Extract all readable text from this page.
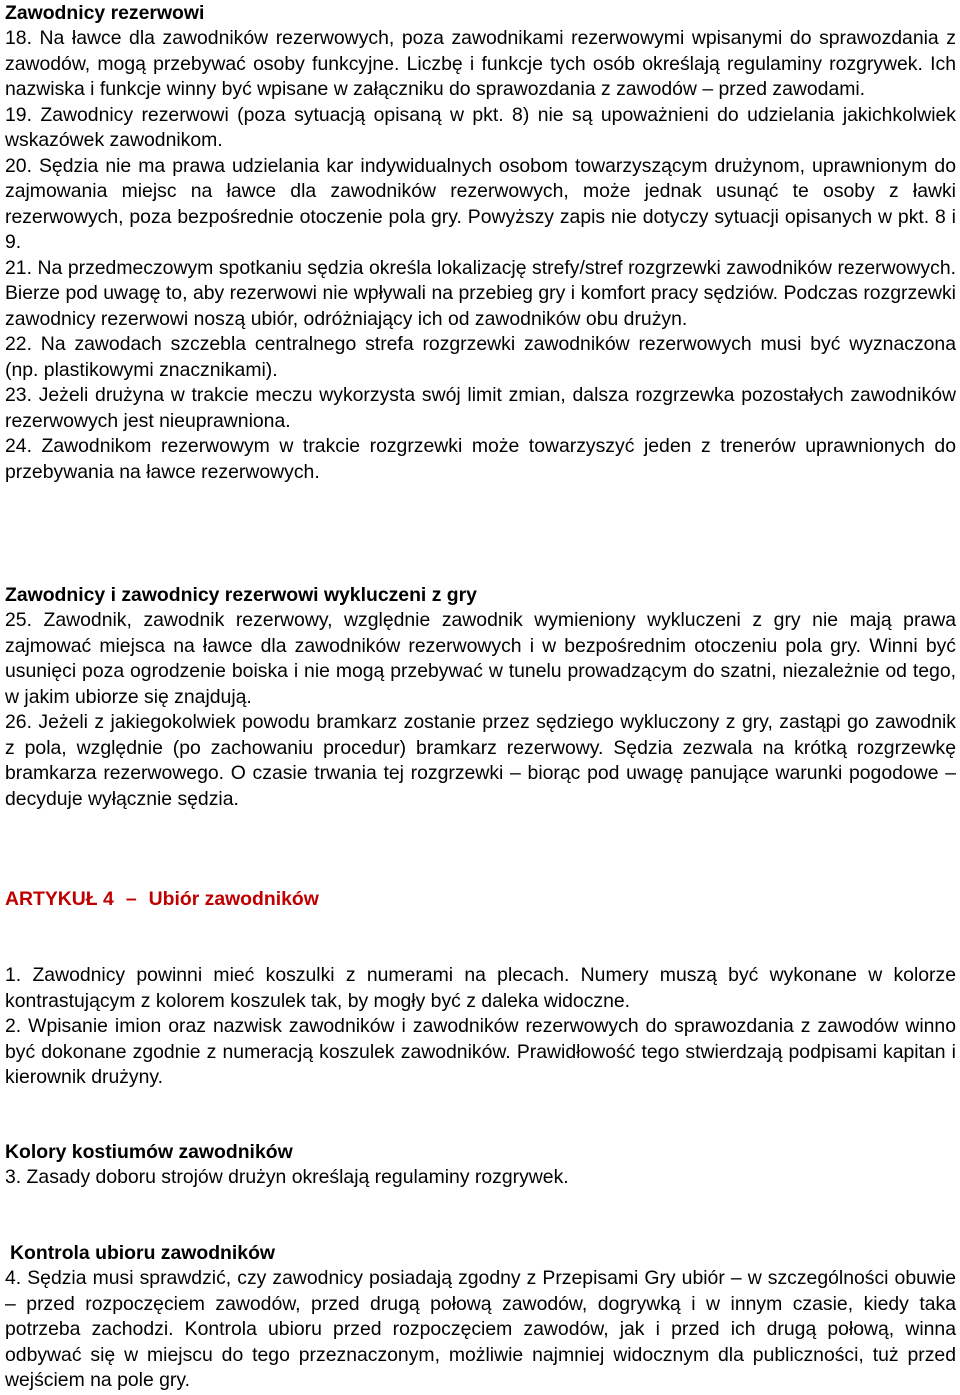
Zawodnicy rezerwowi

18. Na ławce dla zawodników rezerwowych, poza zawodnikami rezerwowymi wpisanymi do sprawozdania z zawodów, mogą przebywać osoby funkcyjne. Liczbę i funkcje tych osób określają regulaminy rozgrywek. Ich nazwiska i funkcje winny być wpisane w załączniku do sprawozdania z zawodów – przed zawodami.

19. Zawodnicy rezerwowi (poza sytuacją opisaną w pkt. 8) nie są upoważnieni do udzielania jakichkolwiek wskazówek zawodnikom.

20. Sędzia nie ma prawa udzielania kar indywidualnych osobom towarzyszącym drużynom, uprawnionym do zajmowania miejsc na ławce dla zawodników rezerwowych, może jednak usunąć te osoby z ławki rezerwowych, poza bezpośrednie otoczenie pola gry. Powyższy zapis nie dotyczy sytuacji opisanych w pkt. 8 i 9.

21. Na przedmeczowym spotkaniu sędzia określa lokalizację strefy/stref rozgrzewki zawodników rezerwowych. Bierze pod uwagę to, aby rezerwowi nie wpływali na przebieg gry i komfort pracy sędziów. Podczas rozgrzewki zawodnicy rezerwowi noszą ubiór, odróżniający ich od zawodników obu drużyn.

22. Na zawodach szczebla centralnego strefa rozgrzewki zawodników rezerwowych musi być wyznaczona (np. plastikowymi znacznikami).

23. Jeżeli drużyna w trakcie meczu wykorzysta swój limit zmian, dalsza rozgrzewka pozostałych zawodników rezerwowych jest nieuprawniona.

24. Zawodnikom rezerwowym w trakcie rozgrzewki może towarzyszyć jeden z trenerów uprawnionych do przebywania na ławce rezerwowych.

Zawodnicy i zawodnicy rezerwowi wykluczeni z gry

25. Zawodnik, zawodnik rezerwowy, względnie zawodnik wymieniony wykluczeni z gry nie mają prawa zajmować miejsca na ławce dla zawodników rezerwowych i w bezpośrednim otoczeniu pola gry. Winni być usunięci poza ogrodzenie boiska i nie mogą przebywać w tunelu prowadzącym do szatni, niezależnie od tego, w jakim ubiorze się znajdują.

26. Jeżeli z jakiegokolwiek powodu bramkarz zostanie przez sędziego wykluczony z gry, zastąpi go zawodnik z pola, względnie (po zachowaniu procedur) bramkarz rezerwowy. Sędzia zezwala na krótką rozgrzewkę bramkarza rezerwowego. O czasie trwania tej rozgrzewki – biorąc pod uwagę panujące warunki pogodowe – decyduje wyłącznie sędzia.

ARTYKUŁ 4 – Ubiór zawodników

1. Zawodnicy powinni mieć koszulki z numerami na plecach. Numery muszą być wykonane w kolorze kontrastującym z kolorem koszulek tak, by mogły być z daleka widoczne.

2. Wpisanie imion oraz nazwisk zawodników i zawodników rezerwowych do sprawozdania z zawodów winno być dokonane zgodnie z numeracją koszulek zawodników. Prawidłowość tego stwierdzają podpisami kapitan i kierownik drużyny.

Kolory kostiumów zawodników

3. Zasady doboru strojów drużyn określają regulaminy rozgrywek.

Kontrola ubioru zawodników

4. Sędzia musi sprawdzić, czy zawodnicy posiadają zgodny z Przepisami Gry ubiór – w szczególności obuwie – przed rozpoczęciem zawodów, przed drugą połową zawodów, dogrywką i w innym czasie, kiedy taka potrzeba zachodzi. Kontrola ubioru przed rozpoczęciem zawodów, jak i przed ich drugą połową, winna odbywać się w miejscu do tego przeznaczonym, możliwie najmniej widocznym dla publiczności, tuż przed wejściem na pole gry.
